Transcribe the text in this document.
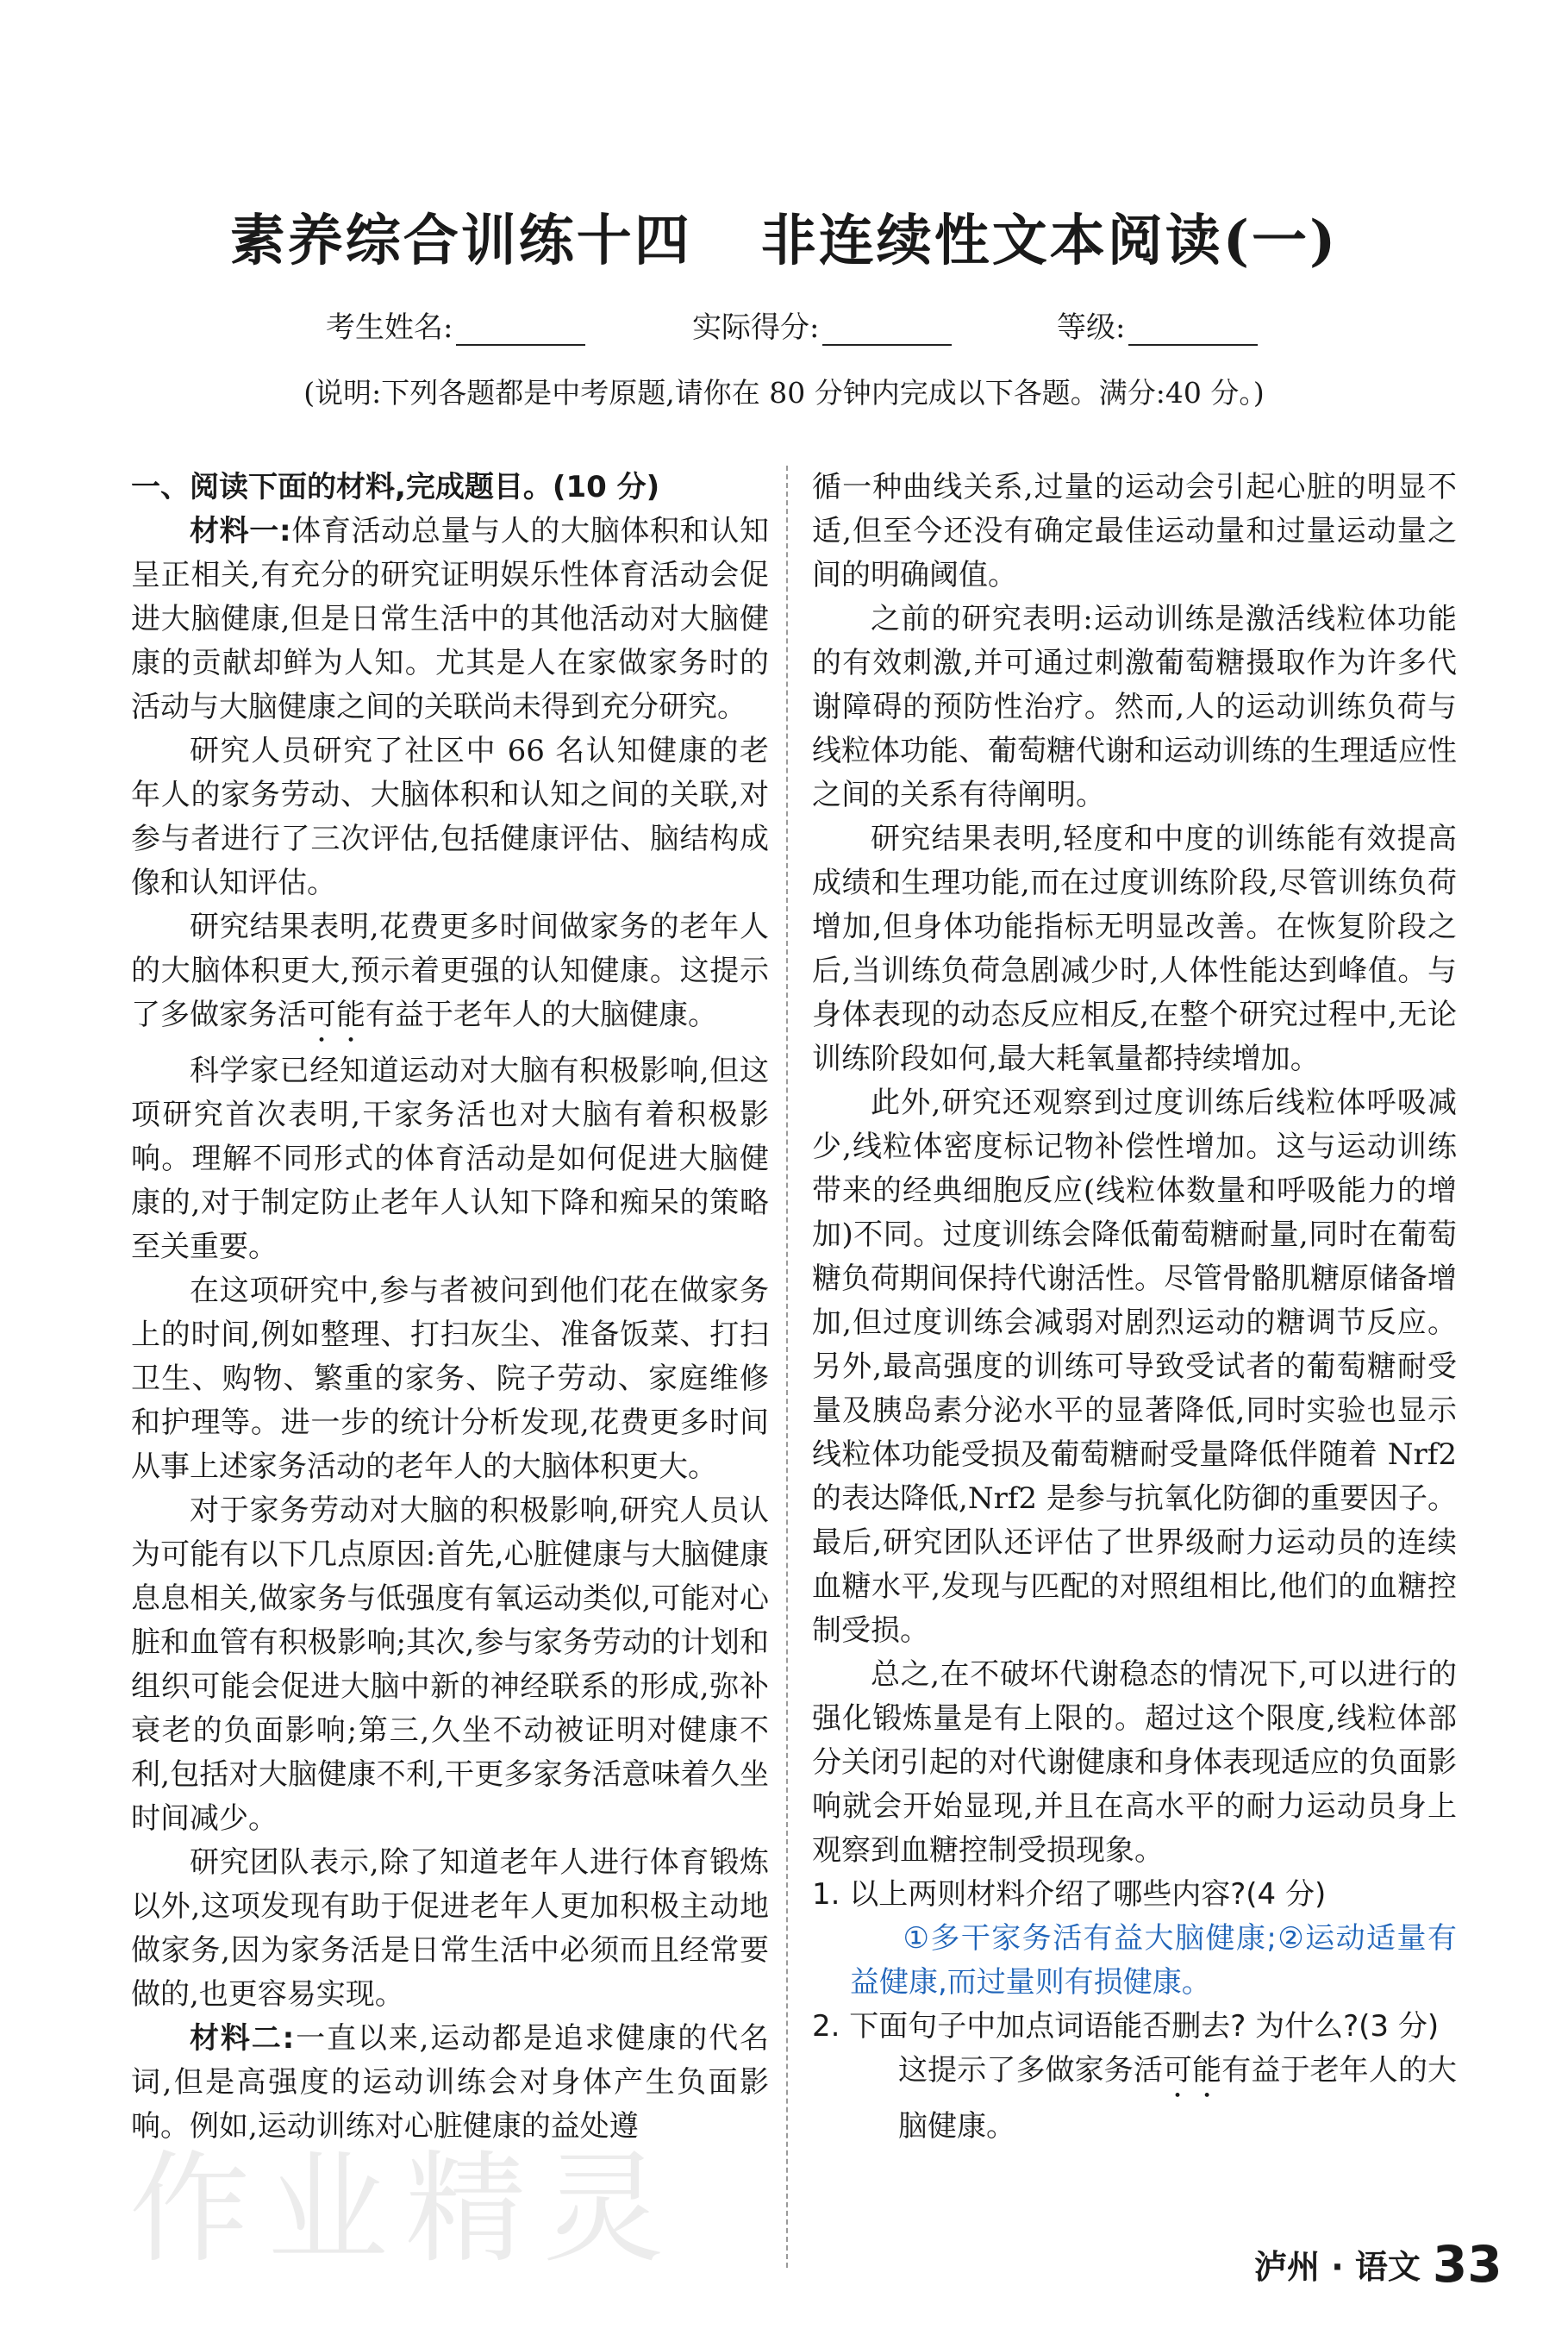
作业精灵
素养综合训练十四 非连续性文本阅读(一)
考生姓名:	实际得分:	等级:
(说明:下列各题都是中考原题,请你在 80 分钟内完成以下各题。满分:40 分。)

一、阅读下面的材料,完成题目。(10 分)

材料一:体育活动总量与人的大脑体积和认知呈正相关,有充分的研究证明娱乐性体育活动会促进大脑健康,但是日常生活中的其他活动对大脑健康的贡献却鲜为人知。尤其是人在家做家务时的活动与大脑健康之间的关联尚未得到充分研究。

研究人员研究了社区中 66 名认知健康的老年人的家务劳动、大脑体积和认知之间的关联,对参与者进行了三次评估,包括健康评估、脑结构成像和认知评估。

研究结果表明,花费更多时间做家务的老年人的大脑体积更大,预示着更强的认知健康。这提示了多做家务活可能有益于老年人的大脑健康。

科学家已经知道运动对大脑有积极影响,但这项研究首次表明,干家务活也对大脑有着积极影响。理解不同形式的体育活动是如何促进大脑健康的,对于制定防止老年人认知下降和痴呆的策略至关重要。

在这项研究中,参与者被问到他们花在做家务上的时间,例如整理、打扫灰尘、准备饭菜、打扫卫生、购物、繁重的家务、院子劳动、家庭维修和护理等。进一步的统计分析发现,花费更多时间从事上述家务活动的老年人的大脑体积更大。

对于家务劳动对大脑的积极影响,研究人员认为可能有以下几点原因:首先,心脏健康与大脑健康息息相关,做家务与低强度有氧运动类似,可能对心脏和血管有积极影响;其次,参与家务劳动的计划和组织可能会促进大脑中新的神经联系的形成,弥补衰老的负面影响;第三,久坐不动被证明对健康不利,包括对大脑健康不利,干更多家务活意味着久坐时间减少。

研究团队表示,除了知道老年人进行体育锻炼以外,这项发现有助于促进老年人更加积极主动地做家务,因为家务活是日常生活中必须而且经常要做的,也更容易实现。

材料二:一直以来,运动都是追求健康的代名词,但是高强度的运动训练会对身体产生负面影响。例如,运动训练对心脏健康的益处遵

循一种曲线关系,过量的运动会引起心脏的明显不适,但至今还没有确定最佳运动量和过量运动量之间的明确阈值。

之前的研究表明:运动训练是激活线粒体功能的有效刺激,并可通过刺激葡萄糖摄取作为许多代谢障碍的预防性治疗。然而,人的运动训练负荷与线粒体功能、葡萄糖代谢和运动训练的生理适应性之间的关系有待阐明。

研究结果表明,轻度和中度的训练能有效提高成绩和生理功能,而在过度训练阶段,尽管训练负荷增加,但身体功能指标无明显改善。在恢复阶段之后,当训练负荷急剧减少时,人体性能达到峰值。与身体表现的动态反应相反,在整个研究过程中,无论训练阶段如何,最大耗氧量都持续增加。

此外,研究还观察到过度训练后线粒体呼吸减少,线粒体密度标记物补偿性增加。这与运动训练带来的经典细胞反应(线粒体数量和呼吸能力的增加)不同。过度训练会降低葡萄糖耐量,同时在葡萄糖负荷期间保持代谢活性。尽管骨骼肌糖原储备增加,但过度训练会减弱对剧烈运动的糖调节反应。另外,最高强度的训练可导致受试者的葡萄糖耐受量及胰岛素分泌水平的显著降低,同时实验也显示线粒体功能受损及葡萄糖耐受量降低伴随着 Nrf2 的表达降低,Nrf2 是参与抗氧化防御的重要因子。最后,研究团队还评估了世界级耐力运动员的连续血糖水平,发现与匹配的对照组相比,他们的血糖控制受损。

总之,在不破坏代谢稳态的情况下,可以进行的强化锻炼量是有上限的。超过这个限度,线粒体部分关闭引起的对代谢健康和身体表现适应的负面影响就会开始显现,并且在高水平的耐力运动员身上观察到血糖控制受损现象。

1. 以上两则材料介绍了哪些内容?(4 分)

①多干家务活有益大脑健康;②运动适量有益健康,而过量则有损健康。

2. 下面句子中加点词语能否删去? 为什么?(3 分)

这提示了多做家务活可能有益于老年人的大脑健康。

泸州 · 语文 33
